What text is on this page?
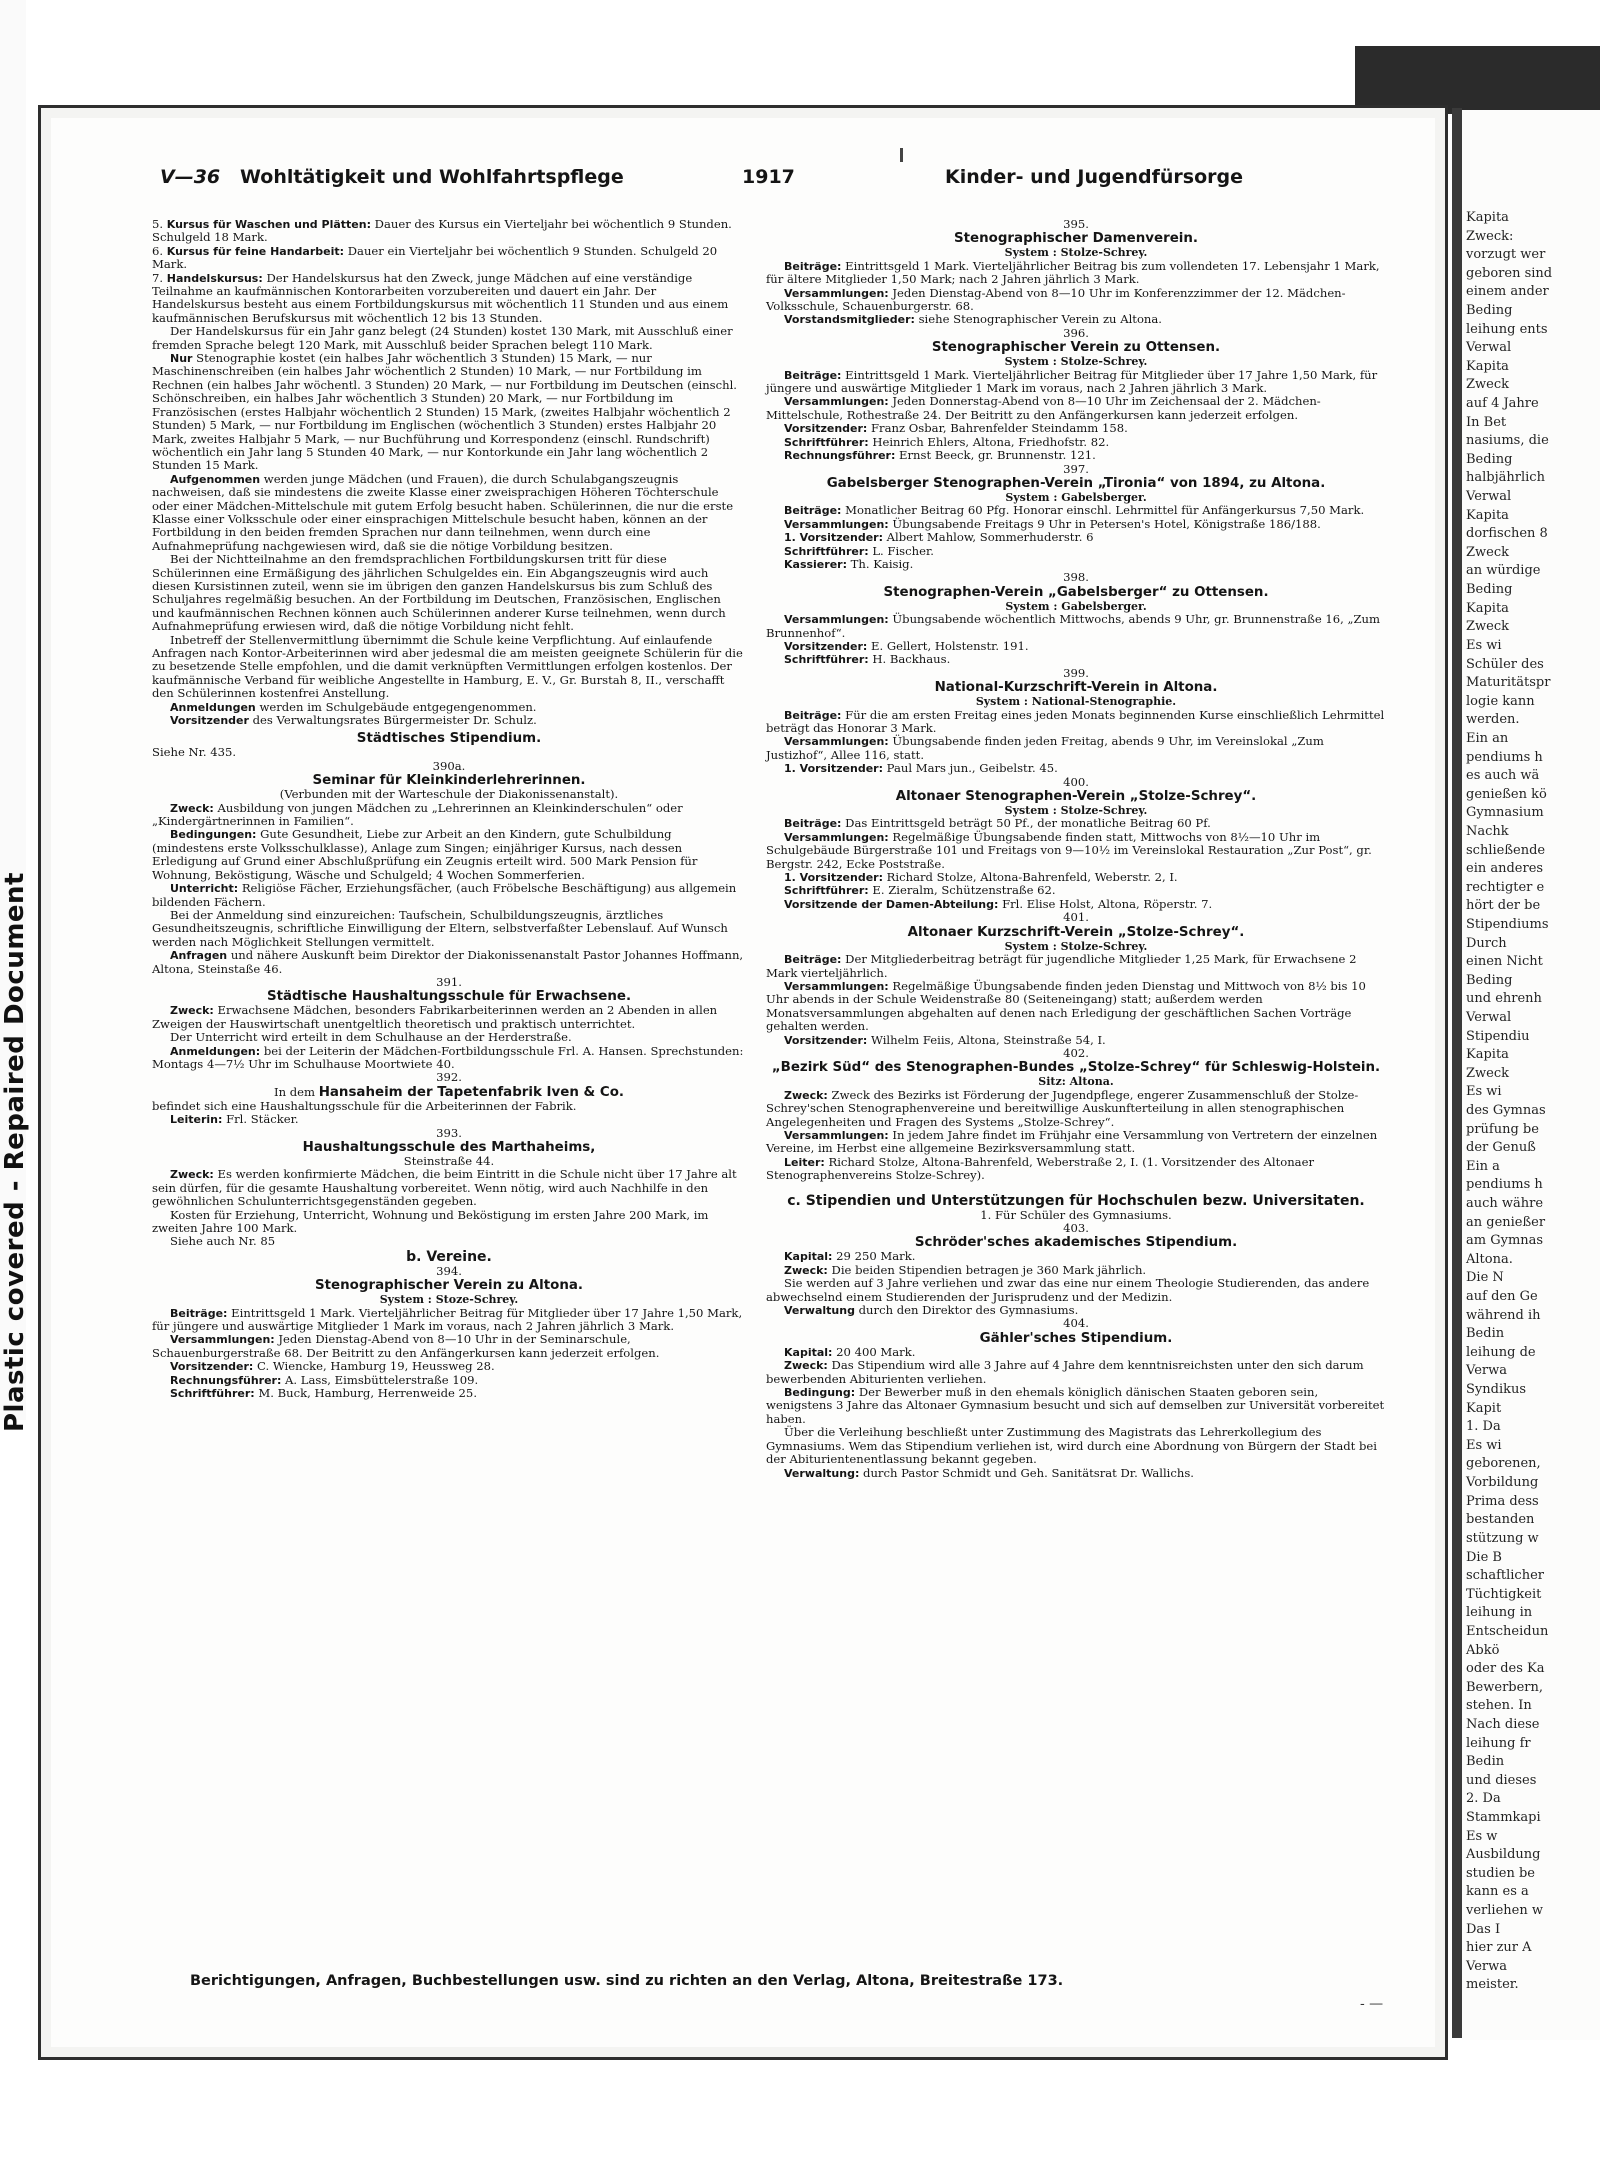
Plastic covered - Repaired Document
Kapita
Zweck:
vorzugt wer
geboren sind
einem ander
Beding
leihung ents
Verwal
Kapita
Zweck
auf 4 Jahre
In Bet
nasiums, die
Beding
halbjährlich
Verwal
Kapita
dorfischen 8
Zweck
an würdige
Beding
Kapita
Zweck
Es wi
Schüler des
Maturitätspr
logie kann
werden.
Ein an
pendiums h
es auch wä
genießen kö
Gymnasium
Nachk
schließende
ein anderes
rechtigter e
hört der be
Stipendiums
Durch
einen Nicht
Beding
und ehrenh
Verwal
Stipendiu
Kapita
Zweck
Es wi
des Gymnas
prüfung be
der Genuß
Ein a
pendiums h
auch währe
an genießer
am Gymnas
Altona.
Die N
auf den Ge
während ih
Bedin
leihung de
Verwa
Syndikus
Kapit
1. Da
Es wi
geborenen,
Vorbildung
Prima dess
bestanden
stützung w
Die B
schaftlicher
Tüchtigkeit
leihung in
Entscheidun
Abkö
oder des Ka
Bewerbern,
stehen. In
Nach diese
leihung fr
Bedin
und dieses
2. Da
Stammkapi
Es w
Ausbildung
studien be
kann es a
verliehen w
Das I
hier zur A
Verwa
meister.
V—36 Wohltätigkeit und Wohlfahrtspflege	1917	Kinder- und Jugendfürsorge

5. Kursus für Waschen und Plätten: Dauer des Kursus ein Vierteljahr bei wöchentlich 9 Stunden. Schulgeld 18 Mark.

6. Kursus für feine Handarbeit: Dauer ein Vierteljahr bei wöchentlich 9 Stunden. Schulgeld 20 Mark.

7. Handelskursus: Der Handelskursus hat den Zweck, junge Mädchen auf eine verständige Teilnahme an kaufmännischen Kontorarbeiten vorzubereiten und dauert ein Jahr. Der Handelskursus besteht aus einem Fortbildungskursus mit wöchentlich 11 Stunden und aus einem kaufmännischen Berufskursus mit wöchentlich 12 bis 13 Stunden.

Der Handelskursus für ein Jahr ganz belegt (24 Stunden) kostet 130 Mark, mit Ausschluß einer fremden Sprache belegt 120 Mark, mit Ausschluß beider Sprachen belegt 110 Mark.

Nur Stenographie kostet (ein halbes Jahr wöchentlich 3 Stunden) 15 Mark, — nur Maschinenschreiben (ein halbes Jahr wöchentlich 2 Stunden) 10 Mark, — nur Fortbildung im Rechnen (ein halbes Jahr wöchentl. 3 Stunden) 20 Mark, — nur Fortbildung im Deutschen (einschl. Schönschreiben, ein halbes Jahr wöchentlich 3 Stunden) 20 Mark, — nur Fortbildung im Französischen (erstes Halbjahr wöchentlich 2 Stunden) 15 Mark, (zweites Halbjahr wöchentlich 2 Stunden) 5 Mark, — nur Fortbildung im Englischen (wöchentlich 3 Stunden) erstes Halbjahr 20 Mark, zweites Halbjahr 5 Mark, — nur Buchführung und Korrespondenz (einschl. Rundschrift) wöchentlich ein Jahr lang 5 Stunden 40 Mark, — nur Kontorkunde ein Jahr lang wöchentlich 2 Stunden 15 Mark.

Aufgenommen werden junge Mädchen (und Frauen), die durch Schulabgangszeugnis nachweisen, daß sie mindestens die zweite Klasse einer zweisprachigen Höheren Töchterschule oder einer Mädchen-Mittelschule mit gutem Erfolg besucht haben. Schülerinnen, die nur die erste Klasse einer Volksschule oder einer einsprachigen Mittelschule besucht haben, können an der Fortbildung in den beiden fremden Sprachen nur dann teilnehmen, wenn durch eine Aufnahmeprüfung nachgewiesen wird, daß sie die nötige Vorbildung besitzen.

Bei der Nichtteilnahme an den fremdsprachlichen Fortbildungskursen tritt für diese Schülerinnen eine Ermäßigung des jährlichen Schulgeldes ein. Ein Abgangszeugnis wird auch diesen Kursistinnen zuteil, wenn sie im übrigen den ganzen Handelskursus bis zum Schluß des Schuljahres regelmäßig besuchen. An der Fortbildung im Deutschen, Französischen, Englischen und kaufmännischen Rechnen können auch Schülerinnen anderer Kurse teilnehmen, wenn durch Aufnahmeprüfung erwiesen wird, daß die nötige Vorbildung nicht fehlt.

Inbetreff der Stellenvermittlung übernimmt die Schule keine Verpflichtung. Auf einlaufende Anfragen nach Kontor-Arbeiterinnen wird aber jedesmal die am meisten geeignete Schülerin für die zu besetzende Stelle empfohlen, und die damit verknüpften Vermittlungen erfolgen kostenlos. Der kaufmännische Verband für weibliche Angestellte in Hamburg, E. V., Gr. Burstah 8, II., verschafft den Schülerinnen kostenfrei Anstellung.

Anmeldungen werden im Schulgebäude entgegengenommen.

Vorsitzender des Verwaltungsrates Bürgermeister Dr. Schulz.

Städtisches Stipendium.

Siehe Nr. 435.

390a.

Seminar für Kleinkinderlehrerinnen.

(Verbunden mit der Warteschule der Diakonissenanstalt).

Zweck: Ausbildung von jungen Mädchen zu „Lehrerinnen an Kleinkinderschulen“ oder „Kindergärtnerinnen in Familien“.

Bedingungen: Gute Gesundheit, Liebe zur Arbeit an den Kindern, gute Schulbildung (mindestens erste Volksschulklasse), Anlage zum Singen; einjähriger Kursus, nach dessen Erledigung auf Grund einer Abschlußprüfung ein Zeugnis erteilt wird. 500 Mark Pension für Wohnung, Beköstigung, Wäsche und Schulgeld; 4 Wochen Sommerferien.

Unterricht: Religiöse Fächer, Erziehungsfächer, (auch Fröbelsche Beschäftigung) aus allgemein bildenden Fächern.

Bei der Anmeldung sind einzureichen: Taufschein, Schulbildungszeugnis, ärztliches Gesundheitszeugnis, schriftliche Einwilligung der Eltern, selbstverfaßter Lebenslauf. Auf Wunsch werden nach Möglichkeit Stellungen vermittelt.

Anfragen und nähere Auskunft beim Direktor der Diakonissenanstalt Pastor Johannes Hoffmann, Altona, Steinstaße 46.

391.

Städtische Haushaltungsschule für Erwachsene.

Zweck: Erwachsene Mädchen, besonders Fabrikarbeiterinnen werden an 2 Abenden in allen Zweigen der Hauswirtschaft unentgeltlich theoretisch und praktisch unterrichtet.

Der Unterricht wird erteilt in dem Schulhause an der Herderstraße.

Anmeldungen: bei der Leiterin der Mädchen-Fortbildungsschule Frl. A. Hansen. Sprechstunden: Montags 4—7½ Uhr im Schulhause Moortwiete 40.

392.

In dem Hansaheim der Tapetenfabrik Iven & Co.

befindet sich eine Haushaltungsschule für die Arbeiterinnen der Fabrik.

Leiterin: Frl. Stäcker.

393.

Haushaltungsschule des Marthaheims,

Steinstraße 44.

Zweck: Es werden konfirmierte Mädchen, die beim Eintritt in die Schule nicht über 17 Jahre alt sein dürfen, für die gesamte Haushaltung vorbereitet. Wenn nötig, wird auch Nachhilfe in den gewöhnlichen Schulunterrichtsgegenständen gegeben.

Kosten für Erziehung, Unterricht, Wohnung und Beköstigung im ersten Jahre 200 Mark, im zweiten Jahre 100 Mark.

Siehe auch Nr. 85

b. Vereine.

394.

Stenographischer Verein zu Altona.

System : Stoze-Schrey.

Beiträge: Eintrittsgeld 1 Mark. Vierteljährlicher Beitrag für Mitglieder über 17 Jahre 1,50 Mark, für jüngere und auswärtige Mitglieder 1 Mark im voraus, nach 2 Jahren jährlich 3 Mark.

Versammlungen: Jeden Dienstag-Abend von 8—10 Uhr in der Seminarschule, Schauenburgerstraße 68. Der Beitritt zu den Anfängerkursen kann jederzeit erfolgen.

Vorsitzender: C. Wiencke, Hamburg 19, Heussweg 28.

Rechnungsführer: A. Lass, Eimsbüttelerstraße 109.

Schriftführer: M. Buck, Hamburg, Herrenweide 25.

395.

Stenographischer Damenverein.

System : Stolze-Schrey.

Beiträge: Eintrittsgeld 1 Mark. Vierteljährlicher Beitrag bis zum vollendeten 17. Lebensjahr 1 Mark, für ältere Mitglieder 1,50 Mark; nach 2 Jahren jährlich 3 Mark.

Versammlungen: Jeden Dienstag-Abend von 8—10 Uhr im Konferenzzimmer der 12. Mädchen-Volksschule, Schauenburgerstr. 68.

Vorstandsmitglieder: siehe Stenographischer Verein zu Altona.

396.

Stenographischer Verein zu Ottensen.

System : Stolze-Schrey.

Beiträge: Eintrittsgeld 1 Mark. Vierteljährlicher Beitrag für Mitglieder über 17 Jahre 1,50 Mark, für jüngere und auswärtige Mitglieder 1 Mark im voraus, nach 2 Jahren jährlich 3 Mark.

Versammlungen: Jeden Donnerstag-Abend von 8—10 Uhr im Zeichensaal der 2. Mädchen-Mittelschule, Rothestraße 24. Der Beitritt zu den Anfängerkursen kann jederzeit erfolgen.

Vorsitzender: Franz Osbar, Bahrenfelder Steindamm 158.

Schriftführer: Heinrich Ehlers, Altona, Friedhofstr. 82.

Rechnungsführer: Ernst Beeck, gr. Brunnenstr. 121.

397.

Gabelsberger Stenographen-Verein „Tironia“ von 1894, zu Altona.

System : Gabelsberger.

Beiträge: Monatlicher Beitrag 60 Pfg. Honorar einschl. Lehrmittel für Anfängerkursus 7,50 Mark.

Versammlungen: Übungsabende Freitags 9 Uhr in Petersen's Hotel, Königstraße 186/188.

1. Vorsitzender: Albert Mahlow, Sommerhuderstr. 6

Schriftführer: L. Fischer.

Kassierer: Th. Kaisig.

398.

Stenographen-Verein „Gabelsberger“ zu Ottensen.

System : Gabelsberger.

Versammlungen: Übungsabende wöchentlich Mittwochs, abends 9 Uhr, gr. Brunnenstraße 16, „Zum Brunnenhof“.

Vorsitzender: E. Gellert, Holstenstr. 191.

Schriftführer: H. Backhaus.

399.

National-Kurzschrift-Verein in Altona.

System : National-Stenographie.

Beiträge: Für die am ersten Freitag eines jeden Monats beginnenden Kurse einschließlich Lehrmittel beträgt das Honorar 3 Mark.

Versammlungen: Übungsabende finden jeden Freitag, abends 9 Uhr, im Vereinslokal „Zum Justizhof“, Allee 116, statt.

1. Vorsitzender: Paul Mars jun., Geibelstr. 45.

400.

Altonaer Stenographen-Verein „Stolze-Schrey“.

System : Stolze-Schrey.

Beiträge: Das Eintrittsgeld beträgt 50 Pf., der monatliche Beitrag 60 Pf.

Versammlungen: Regelmäßige Übungsabende finden statt, Mittwochs von 8½—10 Uhr im Schulgebäude Bürgerstraße 101 und Freitags von 9—10½ im Vereinslokal Restauration „Zur Post“, gr. Bergstr. 242, Ecke Poststraße.

1. Vorsitzender: Richard Stolze, Altona-Bahrenfeld, Weberstr. 2, I.

Schriftführer: E. Zieralm, Schützenstraße 62.

Vorsitzende der Damen-Abteilung: Frl. Elise Holst, Altona, Röperstr. 7.

401.

Altonaer Kurzschrift-Verein „Stolze-Schrey“.

System : Stolze-Schrey.

Beiträge: Der Mitgliederbeitrag beträgt für jugendliche Mitglieder 1,25 Mark, für Erwachsene 2 Mark vierteljährlich.

Versammlungen: Regelmäßige Übungsabende finden jeden Dienstag und Mittwoch von 8½ bis 10 Uhr abends in der Schule Weidenstraße 80 (Seiteneingang) statt; außerdem werden Monatsversammlungen abgehalten auf denen nach Erledigung der geschäftlichen Sachen Vorträge gehalten werden.

Vorsitzender: Wilhelm Feiis, Altona, Steinstraße 54, I.

402.

„Bezirk Süd“ des Stenographen-Bundes „Stolze-Schrey“ für Schleswig-Holstein.

Sitz: Altona.

Zweck: Zweck des Bezirks ist Förderung der Jugendpflege, engerer Zusammenschluß der Stolze-Schrey'schen Stenographenvereine und bereitwillige Auskunfterteilung in allen stenographischen Angelegenheiten und Fragen des Systems „Stolze-Schrey“.

Versammlungen: In jedem Jahre findet im Frühjahr eine Versammlung von Vertretern der einzelnen Vereine, im Herbst eine allgemeine Bezirksversammlung statt.

Leiter: Richard Stolze, Altona-Bahrenfeld, Weberstraße 2, I. (1. Vorsitzender des Altonaer Stenographenvereins Stolze-Schrey).

c. Stipendien und Unterstützungen für Hochschulen bezw. Universitaten.

1. Für Schüler des Gymnasiums.

403.

Schröder'sches akademisches Stipendium.

Kapital: 29 250 Mark.

Zweck: Die beiden Stipendien betragen je 360 Mark jährlich.

Sie werden auf 3 Jahre verliehen und zwar das eine nur einem Theologie Studierenden, das andere abwechselnd einem Studierenden der Jurisprudenz und der Medizin.

Verwaltung durch den Direktor des Gymnasiums.

404.

Gähler'sches Stipendium.

Kapital: 20 400 Mark.

Zweck: Das Stipendium wird alle 3 Jahre auf 4 Jahre dem kenntnisreichsten unter den sich darum bewerbenden Abiturienten verliehen.

Bedingung: Der Bewerber muß in den ehemals königlich dänischen Staaten geboren sein, wenigstens 3 Jahre das Altonaer Gymnasium besucht und sich auf demselben zur Universität vorbereitet haben.

Über die Verleihung beschließt unter Zustimmung des Magistrats das Lehrerkollegium des Gymnasiums. Wem das Stipendium verliehen ist, wird durch eine Abordnung von Bürgern der Stadt bei der Abiturientenentlassung bekannt gegeben.

Verwaltung: durch Pastor Schmidt und Geh. Sanitätsrat Dr. Wallichs.

Berichtigungen, Anfragen, Buchbestellungen usw. sind zu richten an den Verlag, Altona, Breitestraße 173.
- —
